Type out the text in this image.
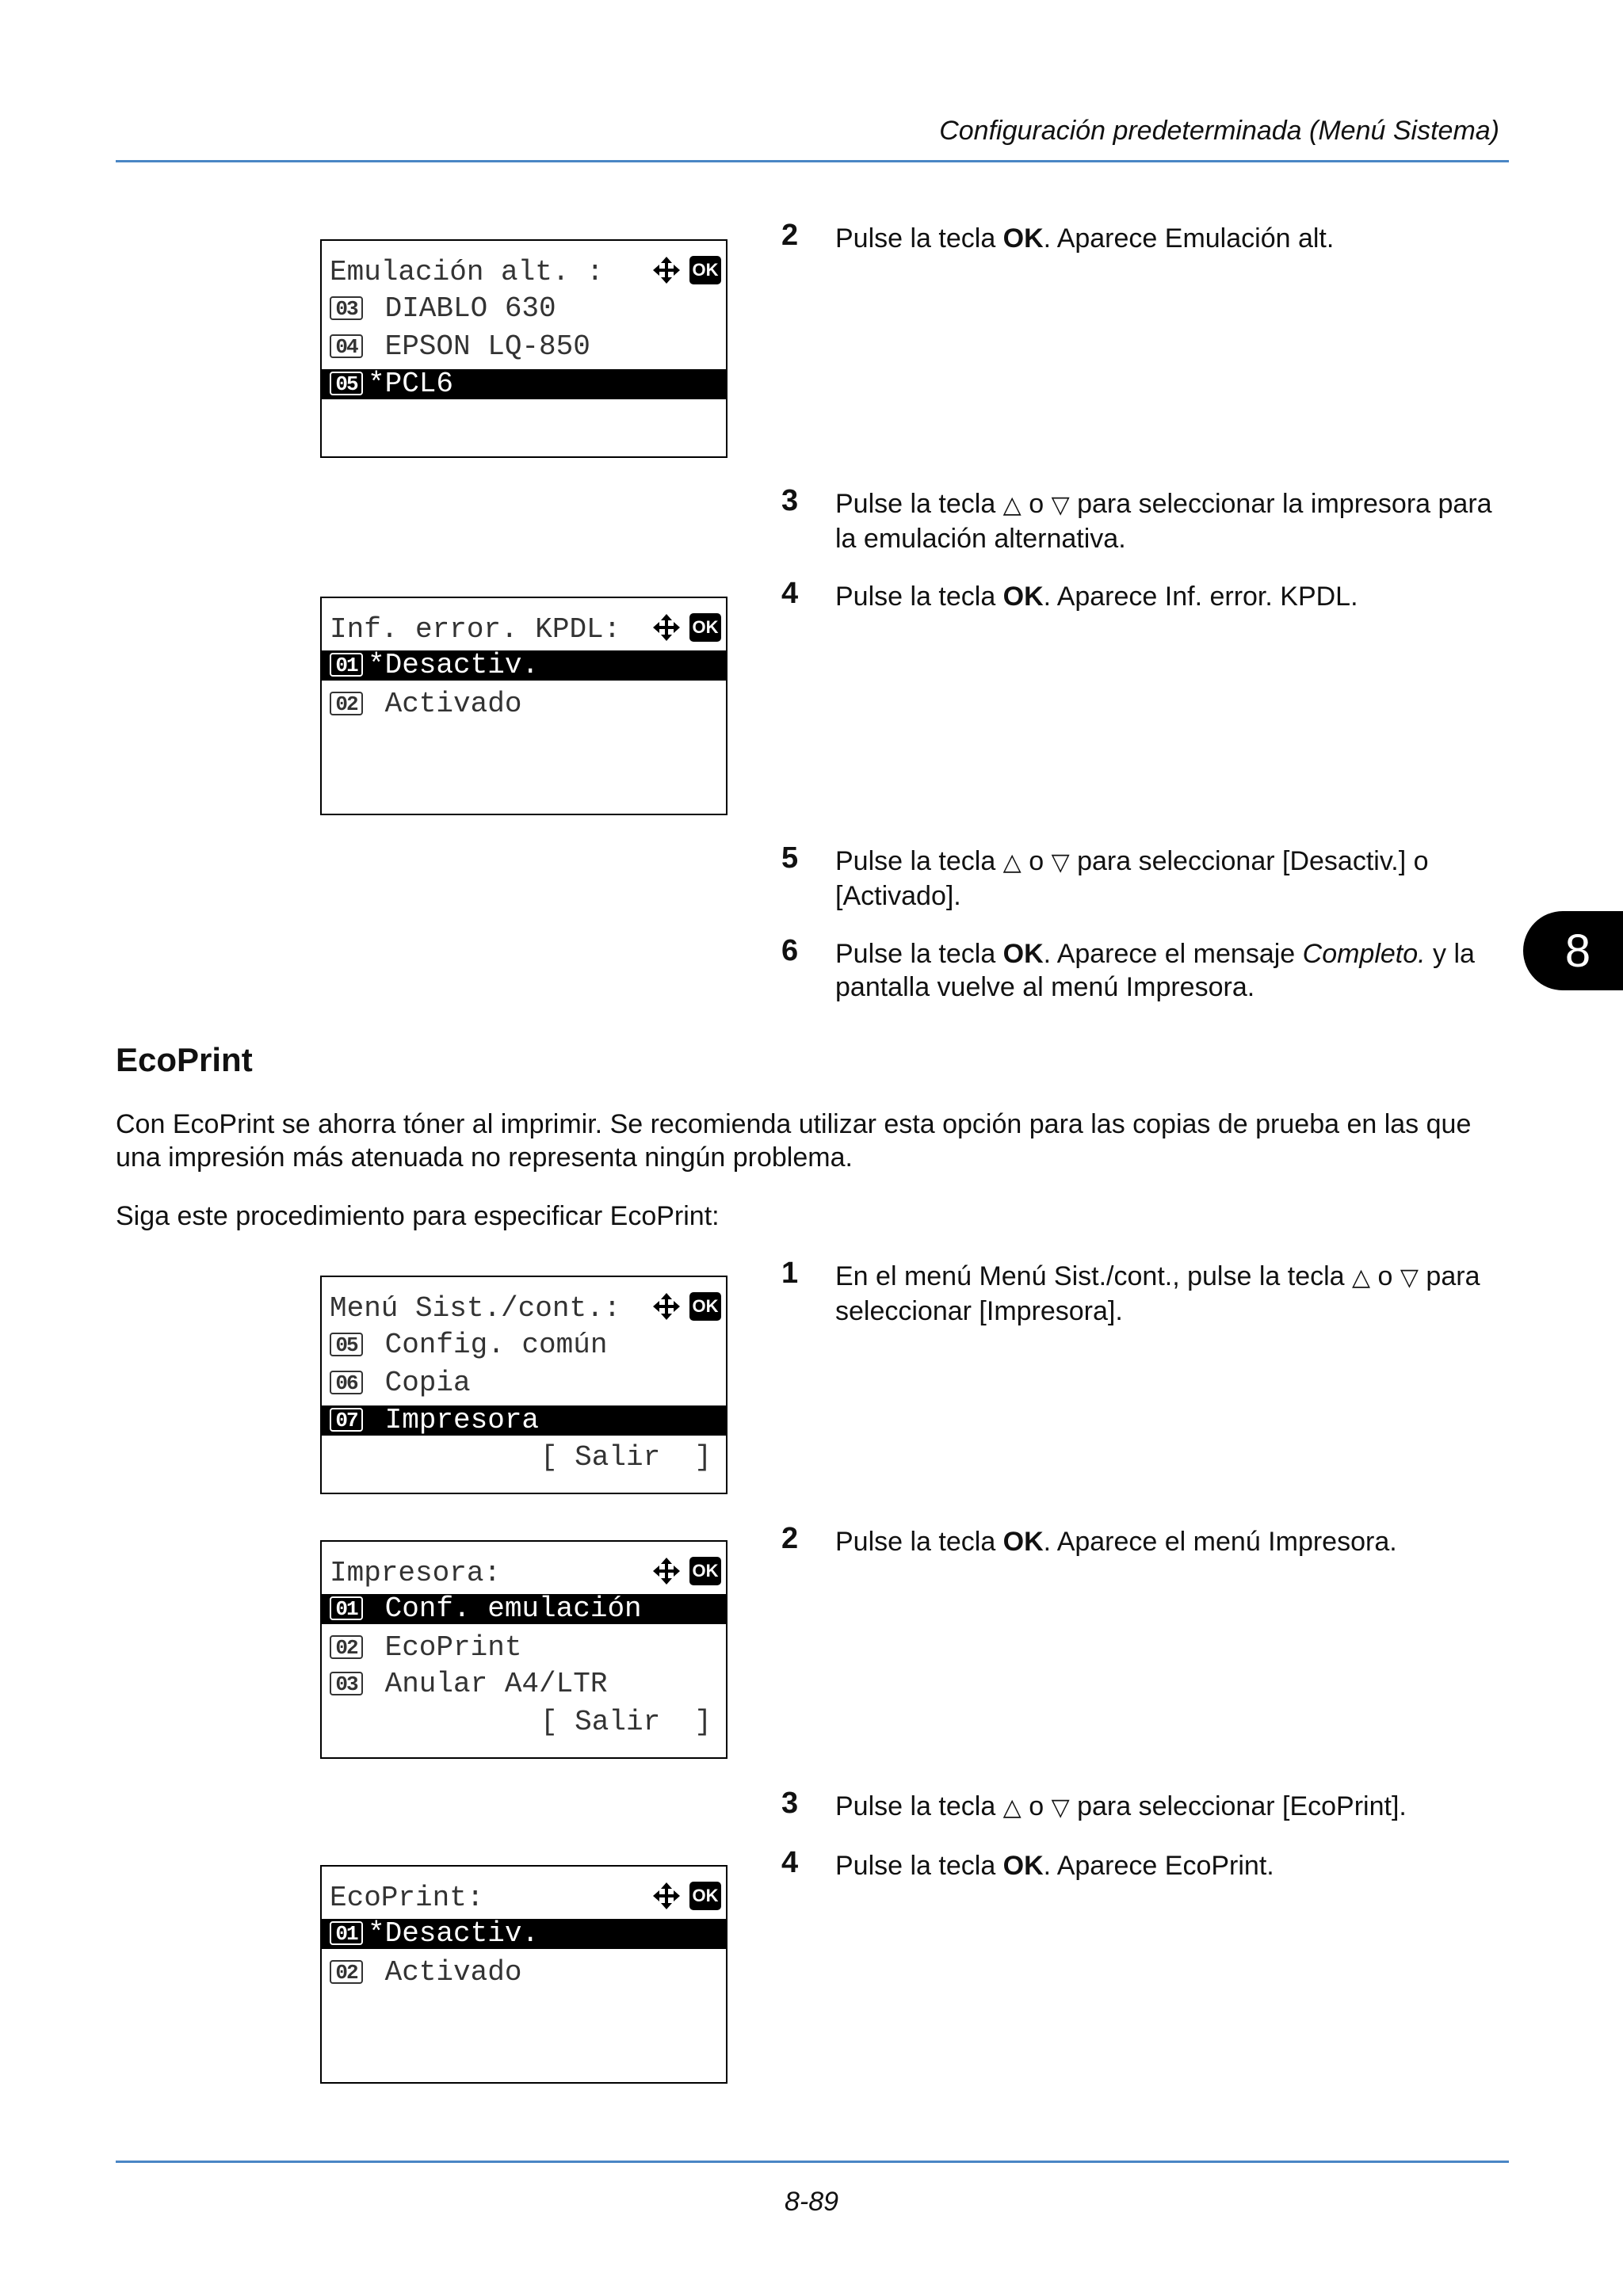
Configuración predeterminada (Menú Sistema)
8
Emulación alt. :	OK
03 DIABLO 630
04 EPSON LQ-850
05 *PCL6
Inf. error. KPDL:	OK
01 *Desactiv.
02 Activado
2 Pulse la tecla OK. Aparece Emulación alt.
3 Pulse la tecla △ o ▽ para seleccionar la impresora para la emulación alternativa.
4 Pulse la tecla OK. Aparece Inf. error. KPDL.
5 Pulse la tecla △ o ▽ para seleccionar [Desactiv.] o [Activado].
6 Pulse la tecla OK. Aparece el mensaje Completo. y la pantalla vuelve al menú Impresora.
EcoPrint
Con EcoPrint se ahorra tóner al imprimir. Se recomienda utilizar esta opción para las copias de prueba en las que una impresión más atenuada no representa ningún problema.
Siga este procedimiento para especificar EcoPrint:
Menú Sist./cont.:	OK
05 Config. común
06 Copia
07 Impresora
[ Salir  ]
Impresora:	OK
01 Conf. emulación
02 EcoPrint
03 Anular A4/LTR
[ Salir  ]
EcoPrint:	OK
01 *Desactiv.
02 Activado
1 En el menú Menú Sist./cont., pulse la tecla △ o ▽ para seleccionar [Impresora].
2 Pulse la tecla OK. Aparece el menú Impresora.
3 Pulse la tecla △ o ▽ para seleccionar [EcoPrint].
4 Pulse la tecla OK. Aparece EcoPrint.
8-89
